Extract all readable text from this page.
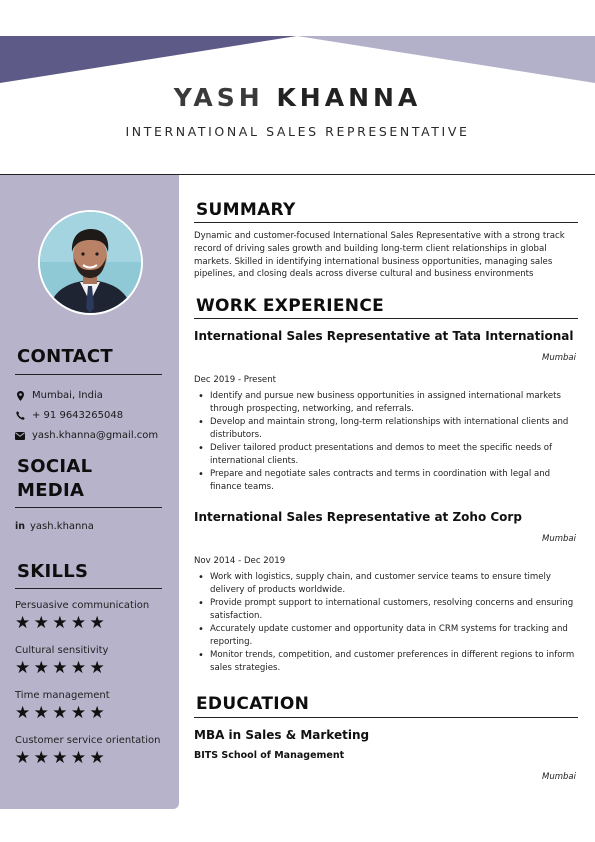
YASH KHANNA
INTERNATIONAL SALES REPRESENTATIVE
CONTACT
Mumbai, India
+ 91 9643265048
yash.khanna@gmail.com
SOCIAL
MEDIA
in yash.khanna
SKILLS
Persuasive communication
★★★★★
Cultural sensitivity
★★★★★
Time management
★★★★★
Customer service orientation
★★★★★
SUMMARY
Dynamic and customer-focused International Sales Representative with a strong track record of driving sales growth and building long-term client relationships in global markets. Skilled in identifying international business opportunities, managing sales pipelines, and closing deals across diverse cultural and business environments
WORK EXPERIENCE
International Sales Representative at Tata International
Mumbai
Dec 2019 - Present
• Identify and pursue new business opportunities in assigned international markets through prospecting, networking, and referrals.
• Develop and maintain strong, long-term relationships with international clients and distributors.
• Deliver tailored product presentations and demos to meet the specific needs of international clients.
• Prepare and negotiate sales contracts and terms in coordination with legal and finance teams.
International Sales Representative at Zoho Corp
Mumbai
Nov 2014 - Dec 2019
• Work with logistics, supply chain, and customer service teams to ensure timely delivery of products worldwide.
• Provide prompt support to international customers, resolving concerns and ensuring satisfaction.
• Accurately update customer and opportunity data in CRM systems for tracking and reporting.
• Monitor trends, competition, and customer preferences in different regions to inform sales strategies.
EDUCATION
MBA in Sales & Marketing
BITS School of Management
Mumbai
